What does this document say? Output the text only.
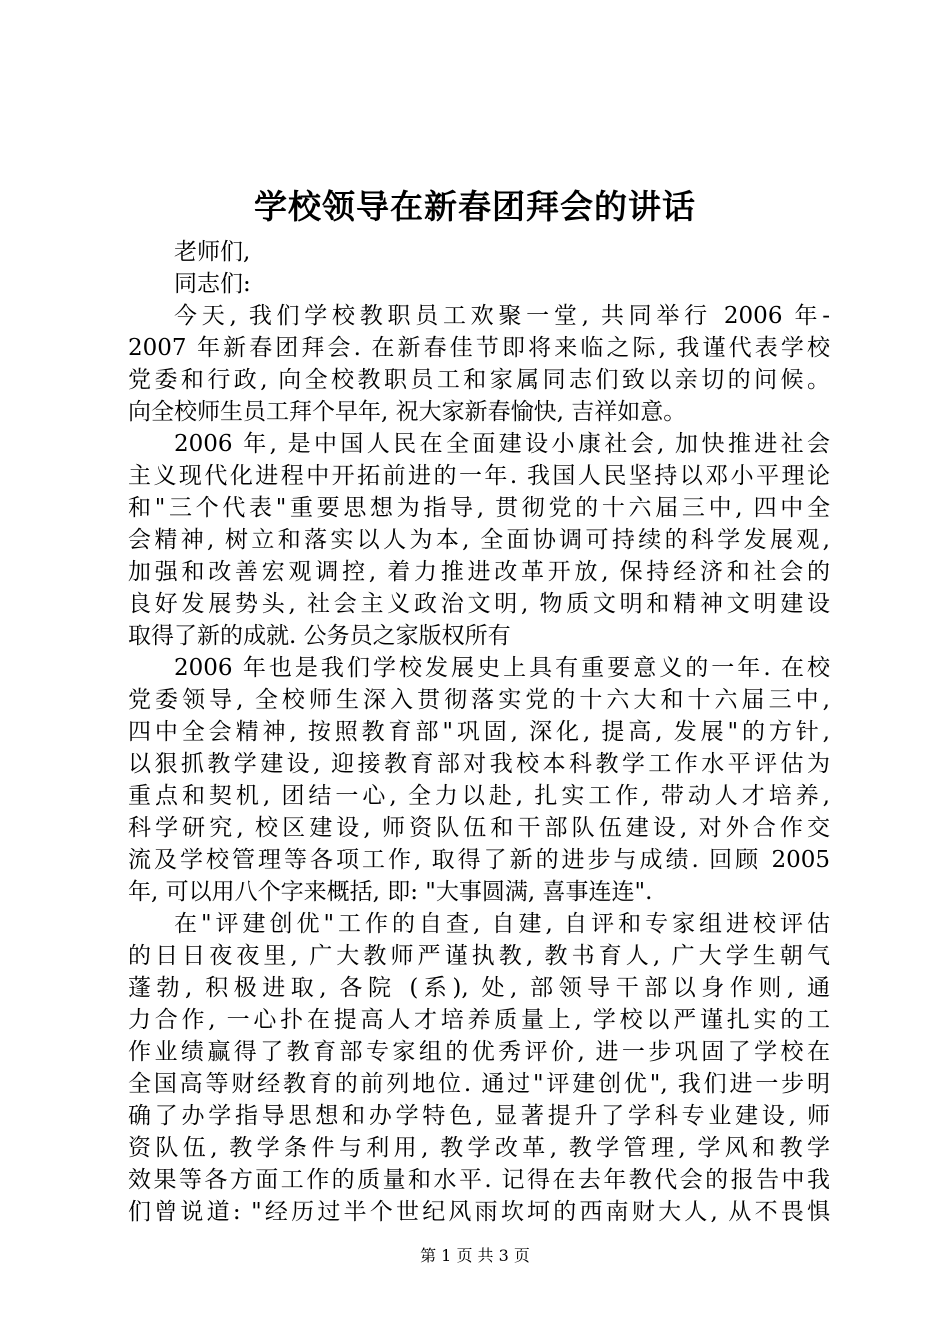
学校领导在新春团拜会的讲话
老师们,
同志们:
今天, 我们学校教职员工欢聚一堂, 共同举行 2006 年-
2007 年新春团拜会. 在新春佳节即将来临之际, 我谨代表学校
党委和行政, 向全校教职员工和家属同志们致以亲切的问候。
向全校师生员工拜个早年, 祝大家新春愉快, 吉祥如意。
2006 年, 是中国人民在全面建设小康社会, 加快推进社会
主义现代化进程中开拓前进的一年. 我国人民坚持以邓小平理论
和"三个代表"重要思想为指导, 贯彻党的十六届三中, 四中全
会精神, 树立和落实以人为本, 全面协调可持续的科学发展观,
加强和改善宏观调控, 着力推进改革开放, 保持经济和社会的
良好发展势头, 社会主义政治文明, 物质文明和精神文明建设
取得了新的成就. 公务员之家版权所有
2006 年也是我们学校发展史上具有重要意义的一年. 在校
党委领导, 全校师生深入贯彻落实党的十六大和十六届三中,
四中全会精神, 按照教育部"巩固, 深化, 提高, 发展"的方针,
以狠抓教学建设, 迎接教育部对我校本科教学工作水平评估为
重点和契机, 团结一心, 全力以赴, 扎实工作, 带动人才培养,
科学研究, 校区建设, 师资队伍和干部队伍建设, 对外合作交
流及学校管理等各项工作, 取得了新的进步与成绩. 回顾 2005
年, 可以用八个字来概括, 即: "大事圆满, 喜事连连".
在"评建创优"工作的自查, 自建, 自评和专家组进校评估
的日日夜夜里, 广大教师严谨执教, 教书育人, 广大学生朝气
蓬勃, 积极进取, 各院 (系), 处, 部领导干部以身作则, 通
力合作, 一心扑在提高人才培养质量上, 学校以严谨扎实的工
作业绩赢得了教育部专家组的优秀评价, 进一步巩固了学校在
全国高等财经教育的前列地位. 通过"评建创优", 我们进一步明
确了办学指导思想和办学特色, 显著提升了学科专业建设, 师
资队伍, 教学条件与利用, 教学改革, 教学管理, 学风和教学
效果等各方面工作的质量和水平. 记得在去年教代会的报告中我
们曾说道: "经历过半个世纪风雨坎坷的西南财大人, 从不畏惧
第 1 页 共 3 页
